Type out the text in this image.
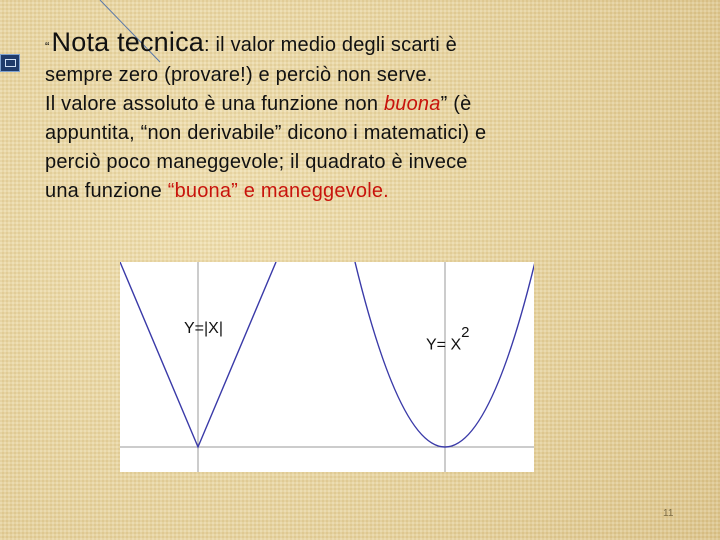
“ Nota tecnica : il valor medio degli scarti è
sempre zero (provare!) e perciò non serve.
Il valore assoluto è una funzione non buona” (è
appuntita, “non derivabile” dicono i matematici) e
perciò poco maneggevole; il quadrato è invece
una funzione “buona” e maneggevole.
Y=|X|
$Y= X^2$
11
